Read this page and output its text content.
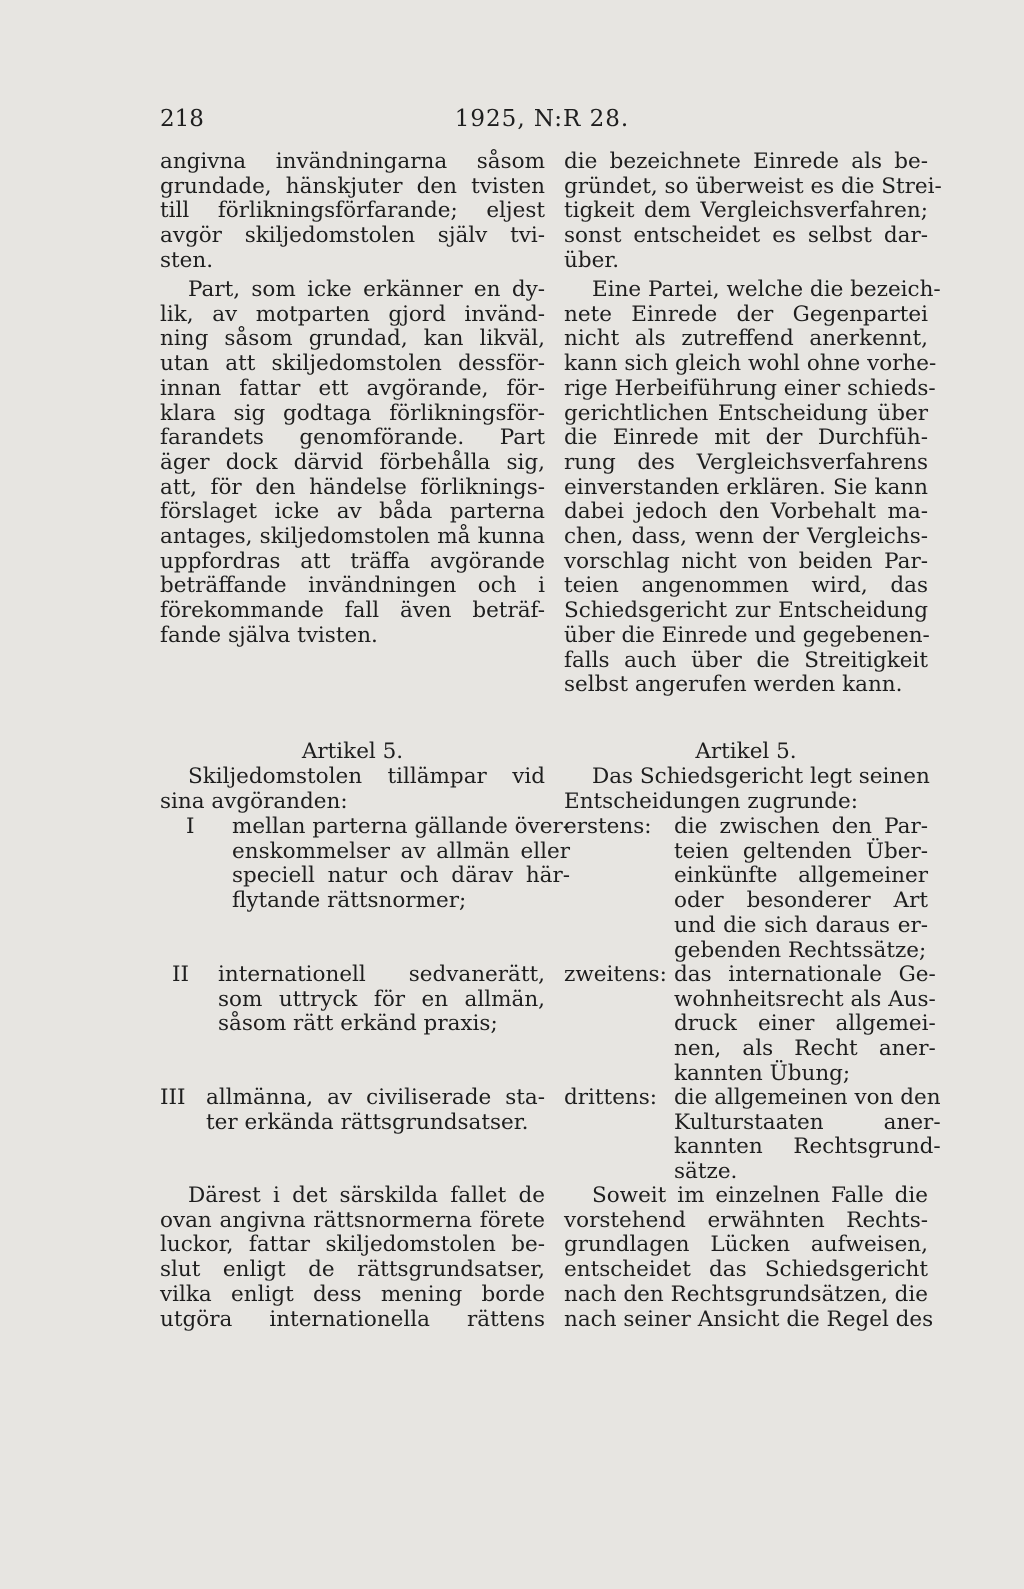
218	1925, N:R 28.
angivna invändningarna såsom
grundade, hänskjuter den tvisten
till förlikningsförfarande; eljest
avgör skiljedomstolen själv tvi-
sten.
Part, som icke erkänner en dy-
lik, av motparten gjord invänd-
ning såsom grundad, kan likväl,
utan att skiljedomstolen dessför-
innan fattar ett avgörande, för-
klara sig godtaga förlikningsför-
farandets genomförande. Part
äger dock därvid förbehålla sig,
att, för den händelse förliknings-
förslaget icke av båda parterna
antages, skiljedomstolen må kunna
uppfordras att träffa avgörande
beträffande invändningen och i
förekommande fall även beträf-
fande själva tvisten.
Artikel 5.
Skiljedomstolen tillämpar vid
sina avgöranden:
I	mellan parterna gällande över-
enskommelser av allmän eller
speciell natur och därav här-
flytande rättsnormer;
II	internationell sedvanerätt,
som uttryck för en allmän,
såsom rätt erkänd praxis;
III allmänna, av civiliserade sta-
ter erkända rättsgrundsatser.
Därest i det särskilda fallet de
ovan angivna rättsnormerna förete
luckor, fattar skiljedomstolen be-
slut enligt de rättsgrundsatser,
vilka enligt dess mening borde
utgöra internationella rättens
die bezeichnete Einrede als be-
gründet, so überweist es die Strei-
tigkeit dem Vergleichsverfahren;
sonst entscheidet es selbst dar-
über.
Eine Partei, welche die bezeich-
nete Einrede der Gegenpartei
nicht als zutreffend anerkennt,
kann sich gleich wohl ohne vorhe-
rige Herbeiführung einer schieds-
gerichtlichen Entscheidung über
die Einrede mit der Durchfüh-
rung des Vergleichsverfahrens
einverstanden erklären. Sie kann
dabei jedoch den Vorbehalt ma-
chen, dass, wenn der Vergleichs-
vorschlag nicht von beiden Par-
teien angenommen wird, das
Schiedsgericht zur Entscheidung
über die Einrede und gegebenen-
falls auch über die Streitigkeit
selbst angerufen werden kann.
Artikel 5.
Das Schiedsgericht legt seinen
Entscheidungen zugrunde:
erstens:	die zwischen den Par-
teien geltenden Über-
einkünfte allgemeiner
oder besonderer Art
und die sich daraus er-
gebenden Rechtssätze;
zweitens: das internationale Ge-
wohnheitsrecht als Aus-
druck einer allgemei-
nen, als Recht aner-
kannten Übung;
drittens: die allgemeinen von den
Kulturstaaten aner-
kannten Rechtsgrund-
sätze.
Soweit im einzelnen Falle die
vorstehend erwähnten Rechts-
grundlagen Lücken aufweisen,
entscheidet das Schiedsgericht
nach den Rechtsgrundsätzen, die
nach seiner Ansicht die Regel des
